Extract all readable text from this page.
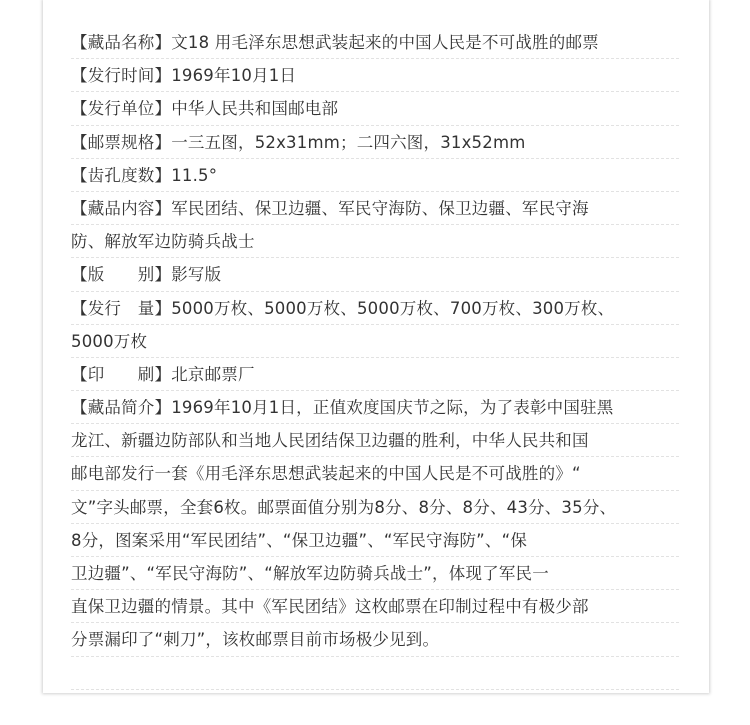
【藏品名称】文18 用毛泽东思想武装起来的中国人民是不可战胜的邮票
【发行时间】1969年10月1日
【发行单位】中华人民共和国邮电部
【邮票规格】一三五图，52x31mm；二四六图，31x52mm
【齿孔度数】11.5°
【藏品内容】军民团结、保卫边疆、军民守海防、保卫边疆、军民守海
防、解放军边防骑兵战士
【版　　别】影写版
【发行　量】5000万枚、5000万枚、5000万枚、700万枚、300万枚、
5000万枚
【印　　刷】北京邮票厂
【藏品简介】1969年10月1日，正值欢度国庆节之际，为了表彰中国驻黑
龙江、新疆边防部队和当地人民团结保卫边疆的胜利，中华人民共和国
邮电部发行一套《用毛泽东思想武装起来的中国人民是不可战胜的》“
文”字头邮票，全套6枚。邮票面值分别为8分、8分、8分、43分、35分、
8分，图案采用“军民团结”、“保卫边疆”、“军民守海防”、“保
卫边疆”、“军民守海防”、“解放军边防骑兵战士”，体现了军民一
直保卫边疆的情景。其中《军民团结》这枚邮票在印制过程中有极少部
分票漏印了“刺刀”，该枚邮票目前市场极少见到。
